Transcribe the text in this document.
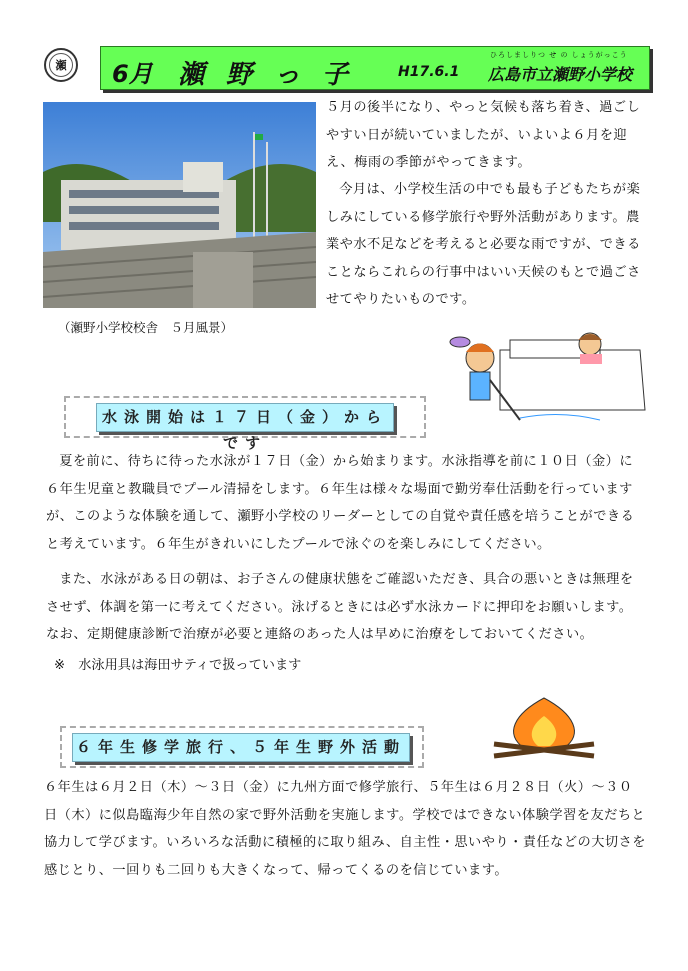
瀬	6月 瀬野っ子 H17.6.1
ひろしましりつ せ の しょうがっこう
広島市立瀬野小学校
（瀬野小学校校舎　５月風景）
５月の後半になり、やっと気候も落ち着き、過ごしやすい日が続いていましたが、いよいよ６月を迎え、梅雨の季節がやってきます。
今月は、小学校生活の中でも最も子どもたちが楽しみにしている修学旅行や野外活動があります。農業や水不足などを考えると必要な雨ですが、できることならこれらの行事中はいい天候のもとで過ごさせてやりたいものです。
水泳開始は１７日（金）からです
夏を前に、待ちに待った水泳が１７日（金）から始まります。水泳指導を前に１０日（金）に６年生児童と教職員でプール清掃をします。６年生は様々な場面で勤労奉仕活動を行っていますが、このような体験を通して、瀬野小学校のリーダーとしての自覚や責任感を培うことができると考えています。６年生がきれいにしたプールで泳ぐのを楽しみにしてください。
また、水泳がある日の朝は、お子さんの健康状態をご確認いただき、具合の悪いときは無理をさせず、体調を第一に考えてください。泳げるときには必ず水泳カードに押印をお願いします。なお、定期健康診断で治療が必要と連絡のあった人は早めに治療をしておいてください。
※　水泳用具は海田サティで扱っています
６年生修学旅行、５年生野外活動
６年生は６月２日（木）～３日（金）に九州方面で修学旅行、５年生は６月２８日（火）～３０日（木）に似島臨海少年自然の家で野外活動を実施します。学校ではできない体験学習を友だちと協力して学びます。いろいろな活動に積極的に取り組み、自主性・思いやり・責任などの大切さを感じとり、一回りも二回りも大きくなって、帰ってくるのを信じています。
